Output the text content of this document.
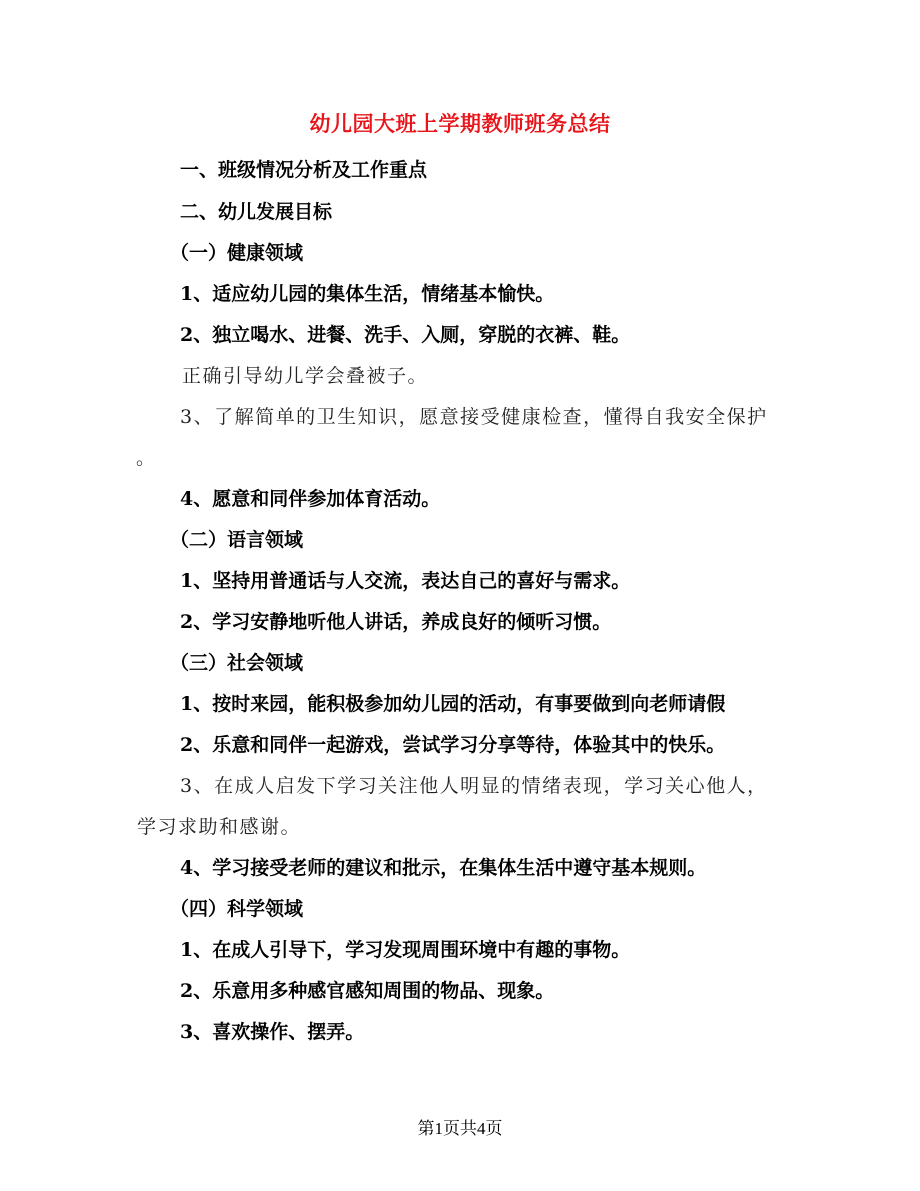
幼儿园大班上学期教师班务总结
一、班级情况分析及工作重点
二、幼儿发展目标
（一）健康领域
1、适应幼儿园的集体生活，情绪基本愉快。
2、独立喝水、进餐、洗手、入厕，穿脱的衣裤、鞋。
正确引导幼儿学会叠被子。
3、了解简单的卫生知识，愿意接受健康检查，懂得自我安全保护
。
4、愿意和同伴参加体育活动。
（二）语言领域
1、坚持用普通话与人交流，表达自己的喜好与需求。
2、学习安静地听他人讲话，养成良好的倾听习惯。
（三）社会领域
1、按时来园，能积极参加幼儿园的活动，有事要做到向老师请假
2、乐意和同伴一起游戏，尝试学习分享等待，体验其中的快乐。
3、在成人启发下学习关注他人明显的情绪表现，学习关心他人，
学习求助和感谢。
4、学习接受老师的建议和批示，在集体生活中遵守基本规则。
（四）科学领域
1、在成人引导下，学习发现周围环境中有趣的事物。
2、乐意用多种感官感知周围的物品、现象。
3、喜欢操作、摆弄。
第1页共4页
